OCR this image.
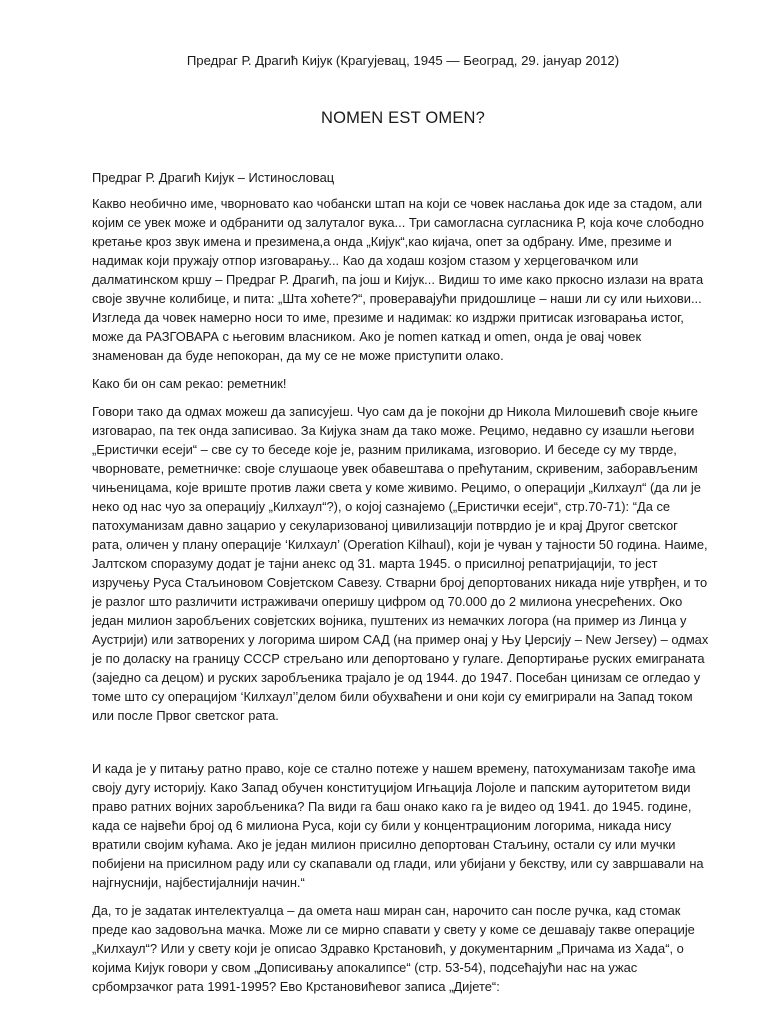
Предраг Р. Драгић Кијук (Крагујевац, 1945 — Београд, 29. јануар 2012)
NOMEN EST OMEN?

Предраг Р. Драгић Кијук – Истинословац

Какво необично име, чворновато као чобански штап на који се човек наслања док иде за стадом, али
којим се увек може и одбранити од залуталог вука... Три самогласна сугласника Р, која коче слободно
кретање кроз звук имена и презимена,а онда „Кијук“,као кијача, опет за одбрану. Име, презиме и
надимак који пружају отпор изговарању... Као да ходаш козјом стазом у херцеговачком или
далматинском кршу – Предраг Р. Драгић, па још и Кијук... Видиш то име како пркосно излази на врата
своје звучне колибице, и пита: „Шта хоћете?“, проверавајући придошлице – наши ли су или њихови...
Изгледа да човек намерно носи то име, презиме и надимак: ко издржи притисак изговарања истог,
може да РАЗГОВАРА с његовим власником. Ако је nomen каткад и omen, онда је овај човек
знаменован да буде непокоран, да му се не може приступити олако.

Како би он сам рекао: реметник!

Говори тако да одмах можеш да записујеш. Чуо сам да је покојни др Никола Милошевић своје књиге
изговарао, па тек онда записивао. За Кијука знам да тако може. Рецимо, недавно су изашли његови
„Еристички есеји“ – све су то беседе које је, разним приликама, изговорио. И беседе су му тврде,
чворновате, реметничке: своје слушаоце увек обавештава о прећутаним, скривеним, заборављеним
чињеницама, које вриште против лажи света у коме живимо. Рецимо, о операцији „Килхаул“ (да ли је
неко од нас чуо за операцију „Килхаул“?), о којој сазнајемо („Еристички есеји“, стр.70-71): “Да се
патохуманизам давно зацарио у секуларизованој цивилизацији потврдио је и крај Другог светског
рата, оличен у плану операције ‘Килхаул’ (Operation Kilhaul), који је чуван у тајности 50 година. Наиме,
Јалтском споразуму додат је тајни анекс од 31. марта 1945. о присилној репатријацији, то јест
изручењу Руса Стаљиновом Совјетском Савезу. Стварни број депортованих никада није утврђен, и то
је разлог што различити истраживачи оперишу цифром од 70.000 до 2 милиона унесрећених. Око
један милион заробљених совјетских војника, пуштених из немачких логора (на пример из Линца у
Аустрији) или затворених у логорима широм САД (на пример онај у Њу Џерсију – New Jersey) – одмах
је по доласку на границу СССР стрељано или депортовано у гулаге. Депортирање руских емиграната
(заједно са децом) и руских заробљеника трајало је од 1944. до 1947. Посебан цинизам се огледао у
томе што су операцијом ‘Килхаул’’делом били обухваћени и они који су емигрирали на Запад током
или после Првог светског рата.

И када је у питању ратно право, које се стално потеже у нашем времену, патохуманизам такође има
своју дугу историју. Како Запад обучен конституцијом Игњација Лојоле и папским ауторитетом види
право ратних војних заробљеника? Па види га баш онако како га је видео од 1941. до 1945. године,
када се највећи број од 6 милиона Руса, који су били у концентрационим логорима, никада нису
вратили својим кућама. Ако је један милион присилно депортован Стаљину, остали су или мучки
побијени на присилном раду или су скапавали од глади, или убијани у бекству, или су завршавали на
најгнуснији, најбестијалнији начин.“

Да, то је задатак интелектуалца – да омета наш миран сан, нарочито сан после ручка, кад стомак
преде као задовољна мачка. Може ли се мирно спавати у свету у коме се дешавају такве операције
„Килхаул“? Или у свету који је описао Здравко Крстановић, у документарним „Причама из Хада“, о
којима Кијук говори у свом „Дописивању апокалипсе“ (стр. 53-54), подсећајући нас на ужас
србомрзачког рата 1991-1995? Ево Крстановићевог записа „Дијете“:
